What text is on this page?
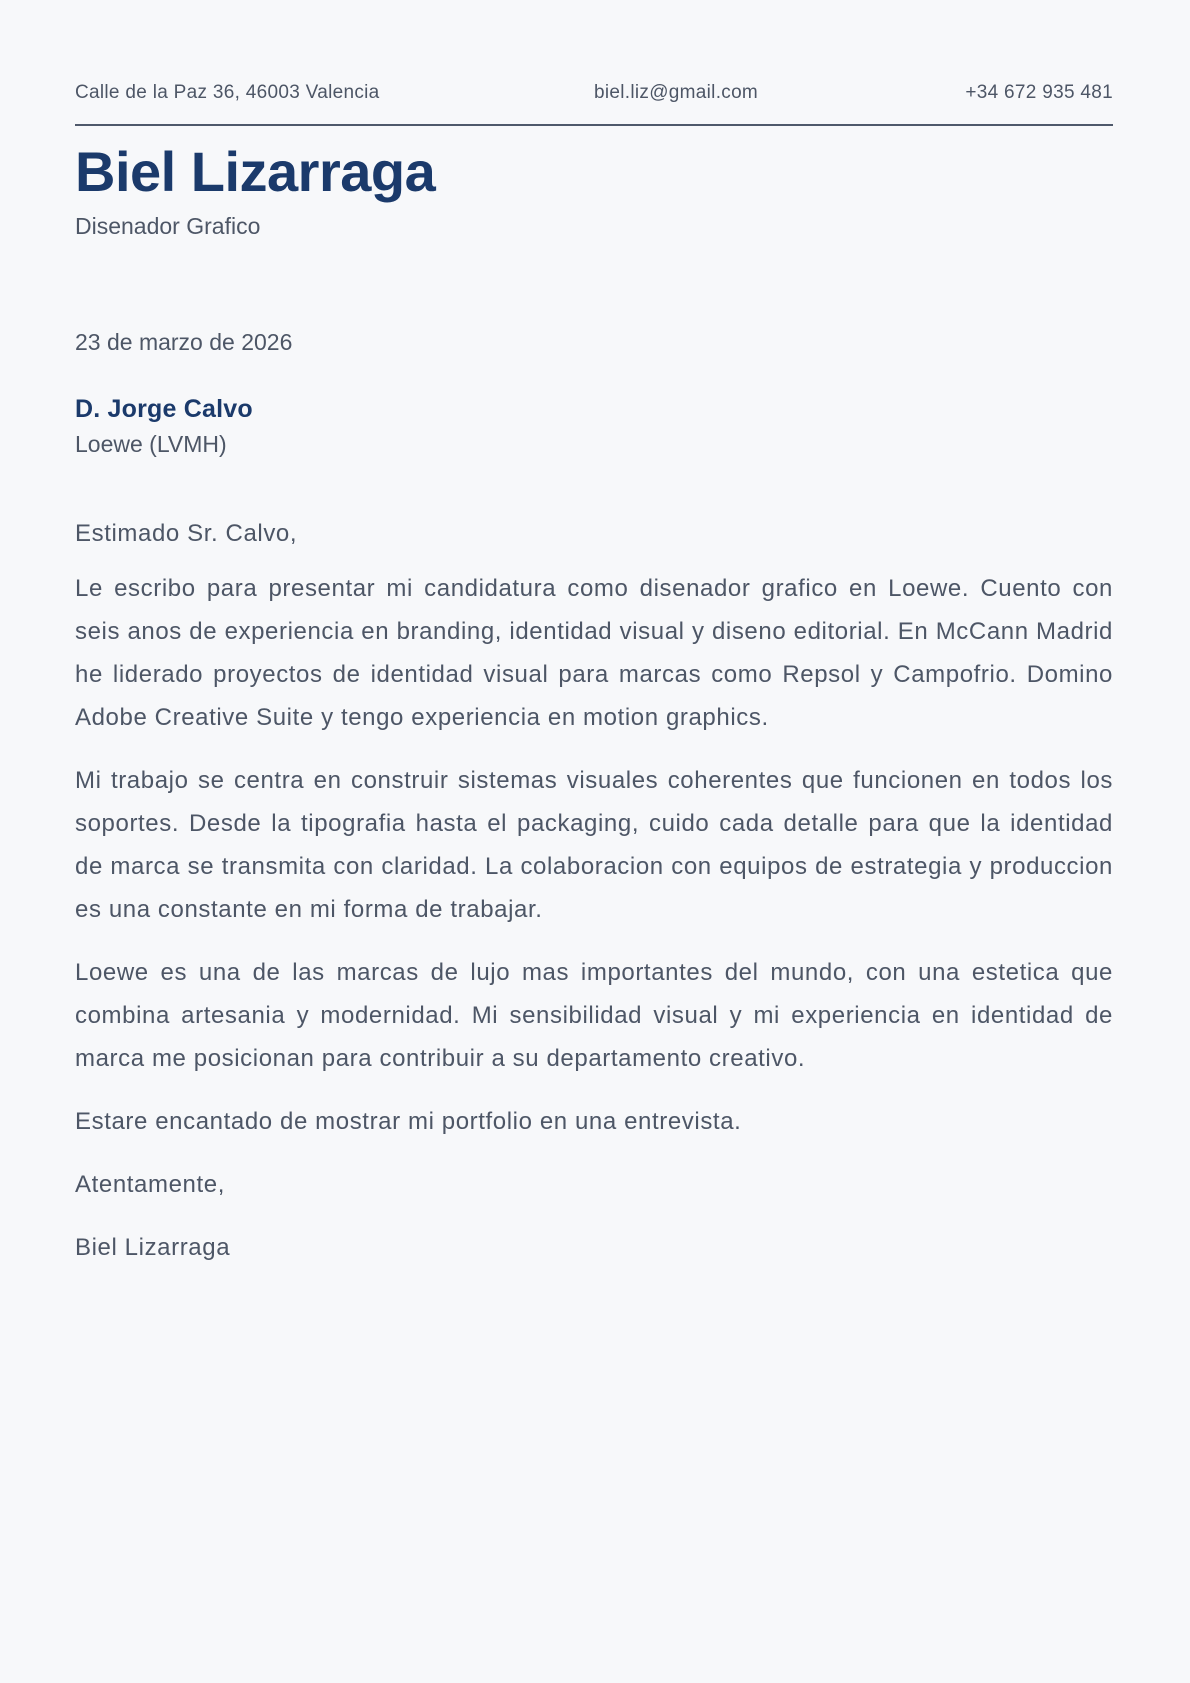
Calle de la Paz 36, 46003 Valencia	biel.liz@gmail.com	+34 672 935 481
Biel Lizarraga
Disenador Grafico
23 de marzo de 2026
D. Jorge Calvo
Loewe (LVMH)

Estimado Sr. Calvo,

Le escribo para presentar mi candidatura como disenador grafico en Loewe. Cuento con seis anos de experiencia en branding, identidad visual y diseno editorial. En McCann Madrid he liderado proyectos de identidad visual para marcas como Repsol y Campofrio. Domino Adobe Creative Suite y tengo experiencia en motion graphics.

Mi trabajo se centra en construir sistemas visuales coherentes que funcionen en todos los soportes. Desde la tipografia hasta el packaging, cuido cada detalle para que la identidad de marca se transmita con claridad. La colaboracion con equipos de estrategia y produccion es una constante en mi forma de trabajar.

Loewe es una de las marcas de lujo mas importantes del mundo, con una estetica que combina artesania y modernidad. Mi sensibilidad visual y mi experiencia en identidad de marca me posicionan para contribuir a su departamento creativo.

Estare encantado de mostrar mi portfolio en una entrevista.

Atentamente,

Biel Lizarraga
